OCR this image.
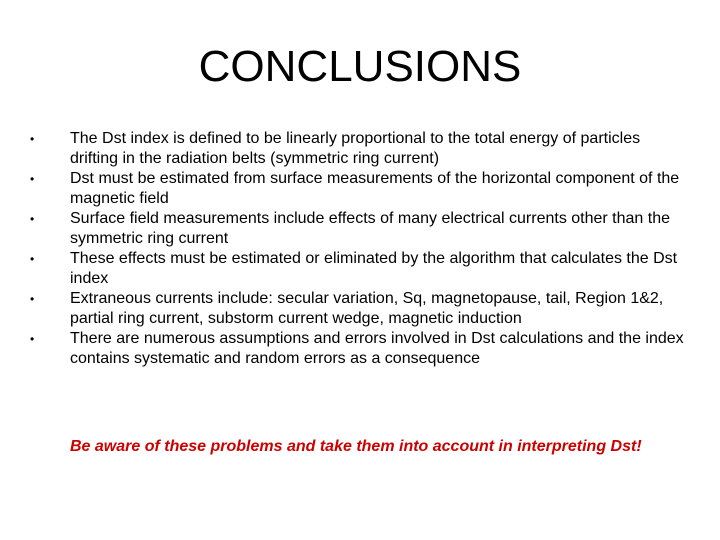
CONCLUSIONS
•	The Dst index is defined to be linearly proportional to the total energy of particles drifting in the radiation belts (symmetric ring current)
•	Dst must be estimated from surface measurements of the horizontal component of the magnetic field
•	Surface field measurements include effects of many electrical currents other than the symmetric ring current
•	These effects must be estimated or eliminated by the algorithm that calculates the Dst index
•	Extraneous currents include: secular variation, Sq, magnetopause, tail, Region 1&2, partial ring current, substorm current wedge, magnetic induction
•	There are numerous assumptions and errors involved in Dst calculations and the index contains systematic and random errors as a consequence

Be aware of these problems and take them into account in interpreting Dst!
